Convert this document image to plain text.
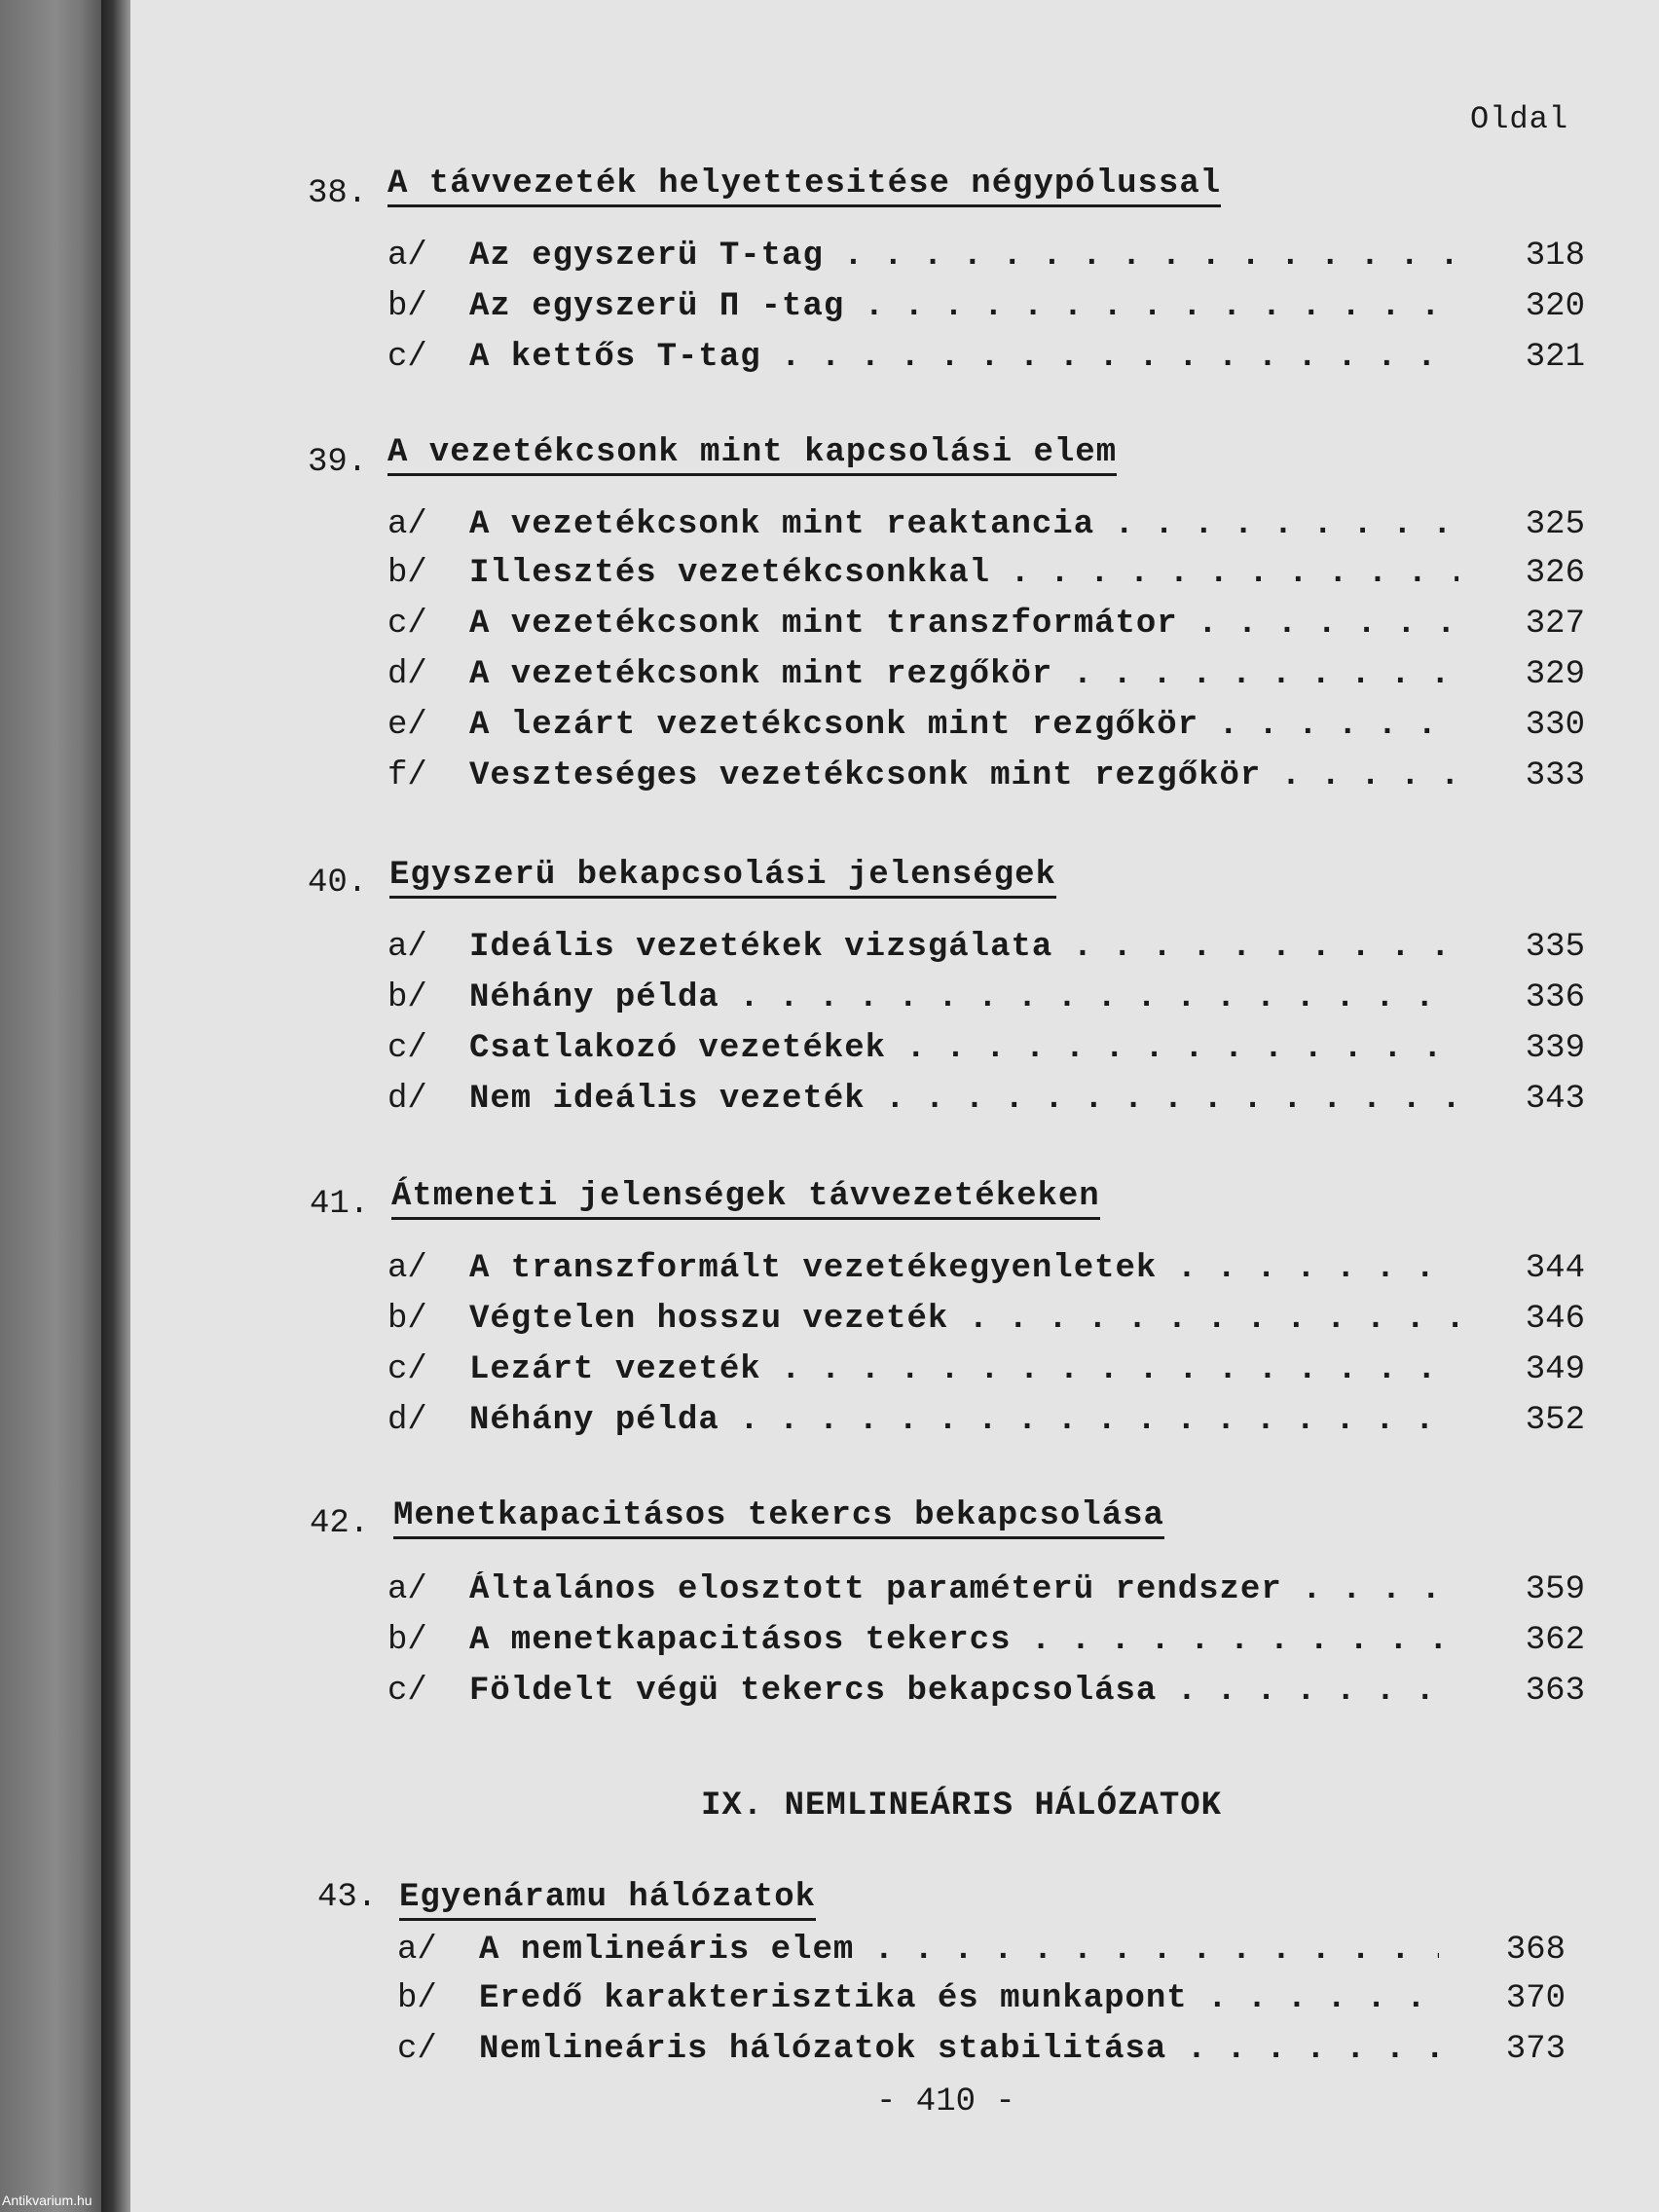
Oldal
38. A távvezeték helyettesitése négypólussal
a/ Az egyszerü T-tag . . .	318
b/ Az egyszerü Π -tag . . .	320
c/ A kettős T-tag . . .	321
39. A vezetékcsonk mint kapcsolási elem
a/ A vezetékcsonk mint reaktancia . . .	325
b/ Illesztés vezetékcsonkkal . . .	326
c/ A vezetékcsonk mint transzformátor . . .	327
d/ A vezetékcsonk mint rezgőkör . . .	329
e/ A lezárt vezetékcsonk mint rezgőkör . . .	330
f/ Veszteséges vezetékcsonk mint rezgőkör . . .	333
40. Egyszerü bekapcsolási jelenségek
a/ Ideális vezetékek vizsgálata . . .	335
b/ Néhány példa . . .	336
c/ Csatlakozó vezetékek . . .	339
d/ Nem ideális vezeték . . .	343
41. Átmeneti jelenségek távvezetékeken
a/ A transzformált vezetékegyenletek . . .	344
b/ Végtelen hosszu vezeték . . .	346
c/ Lezárt vezeték . . .	349
d/ Néhány példa . . .	352
42. Menetkapacitásos tekercs bekapcsolása
a/ Általános elosztott paraméterü rendszer . . .	359
b/ A menetkapacitásos tekercs . . .	362
c/ Földelt végü tekercs bekapcsolása . . .	363
IX. NEMLINEÁRIS HÁLÓZATOK
43. Egyenáramu hálózatok
a/ A nemlineáris elem . . .	368
b/ Eredő karakterisztika és munkapont . . .	370
c/ Nemlineáris hálózatok stabilitása . . .	373
- 410 -
Antikvarium.hu
